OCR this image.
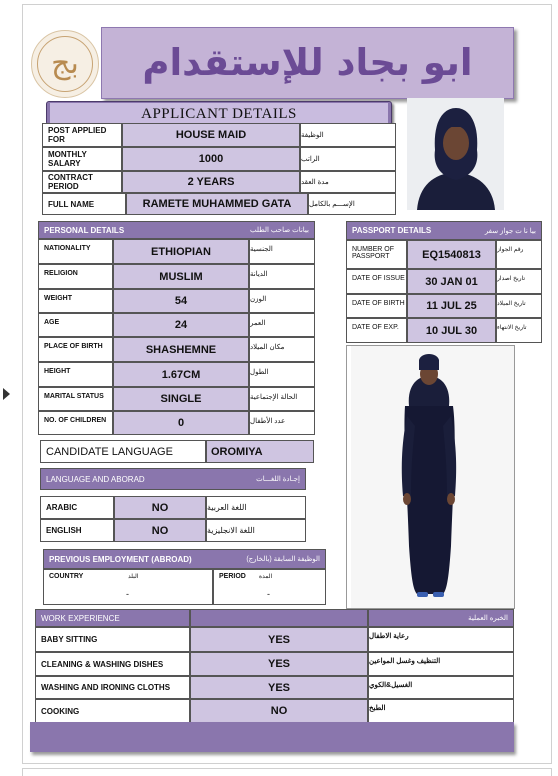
بج	ابو بجاد للإستقدام
APPLICANT DETAILS
POST APPLIED FOR	HOUSE MAID	الوظيفة
MONTHLY SALARY	1000	الراتب
CONTRACT PERIOD	2 YEARS	مدة العقد
FULL NAME	RAMETE MUHAMMED GATA	الإســـم بالكامل
PERSONAL DETAILS	بيانات صاحب الطلب
NATIONALITY	ETHIOPIAN	الجنسية
RELIGION	MUSLIM	الديانة
WEIGHT	54	الوزن
AGE	24	العمر
PLACE OF BIRTH	SHASHEMNE	مكان الميلاد
HEIGHT	1.67CM	الطول
MARITAL STATUS	SINGLE	الحالة الإجتماعية
NO. OF CHILDREN	0	عدد الأطفال
PASSPORT DETAILS	بيا نا ت جواز سفر
NUMBER OF PASSPORT	EQ1540813	رقم الجواز
DATE OF ISSUE	30 JAN 01	تاريخ اصدار
DATE OF BIRTH	11 JUL 25	تاريخ الميلاد
DATE OF EXP.	10 JUL 30	تاريخ الانتهاء
CANDIDATE LANGUAGE	OROMIYA
LANGUAGE AND ABORAD	إجـادة اللغـــات
ARABIC	NO	اللغة العربية
ENGLISH	NO	اللغة الانجليزية
PREVIOUS EMPLOYMENT (ABROAD)	الوظيفة السابقة (بالخارج)
COUNTRY	البلد
-
PERIOD المدة
-
WORK EXPERIENCE	الخبره العملية
BABY SITTING	YES	رعاية الاطفال
CLEANING & WASHING DISHES	YES	التنظيف وغسل المواعين
WASHING AND IRONING CLOTHS	YES	الغسيل&الكوي
COOKING	NO	الطبخ
